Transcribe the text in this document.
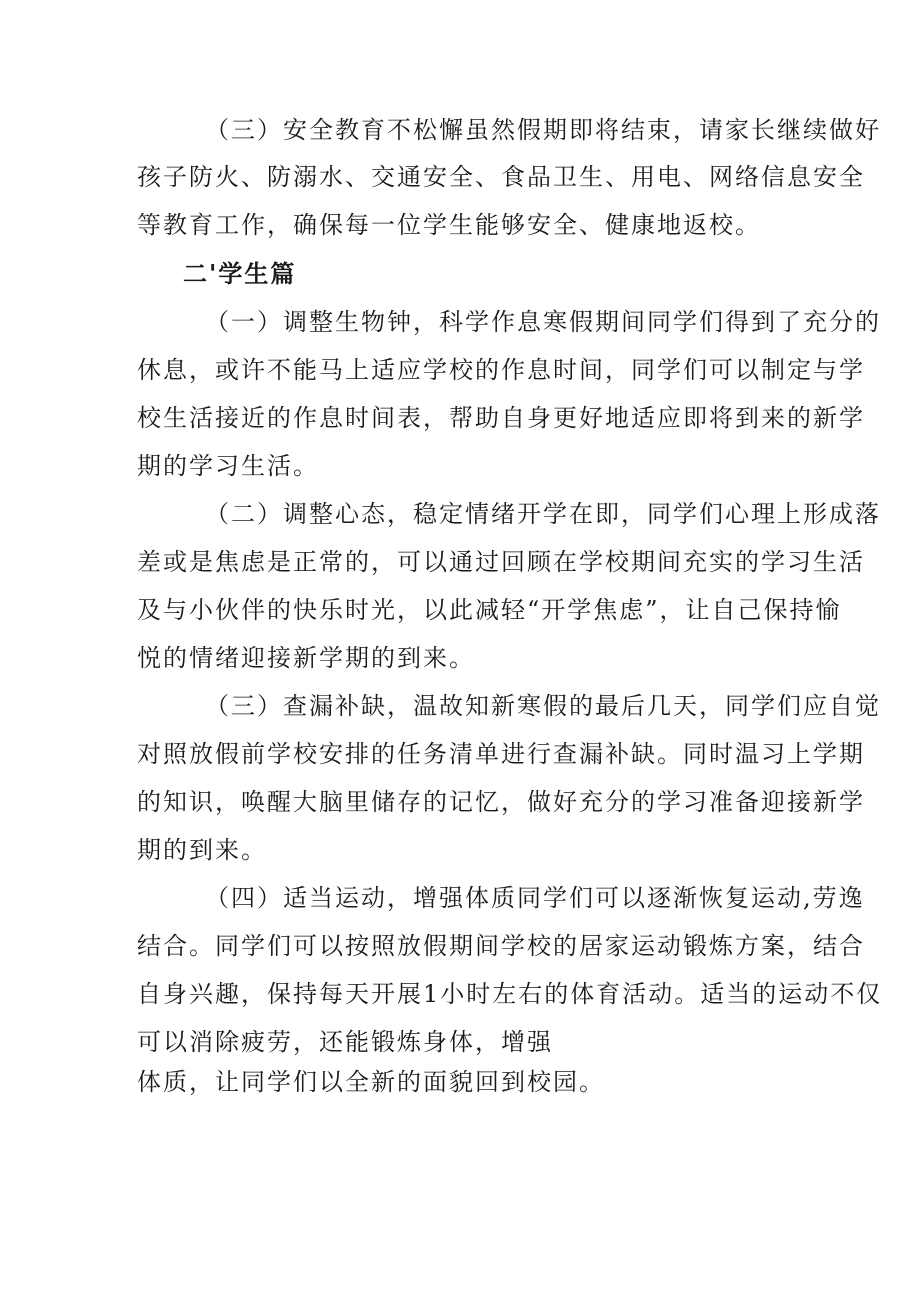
（三）安全教育不松懈虽然假期即将结束，请家长继续做好
孩子防火、防溺水、交通安全、食品卫生、用电、网络信息安全
等教育工作，确保每一位学生能够安全、健康地返校。
二'学生篇
（一）调整生物钟，科学作息寒假期间同学们得到了充分的
休息，或许不能马上适应学校的作息时间，同学们可以制定与学
校生活接近的作息时间表，帮助自身更好地适应即将到来的新学
期的学习生活。
（二）调整心态，稳定情绪开学在即，同学们心理上形成落
差或是焦虑是正常的，可以通过回顾在学校期间充实的学习生活
及与小伙伴的快乐时光，以此减轻“开学焦虑”，让自己保持愉
悦的情绪迎接新学期的到来。
（三）查漏补缺，温故知新寒假的最后几天，同学们应自觉
对照放假前学校安排的任务清单进行查漏补缺。同时温习上学期
的知识，唤醒大脑里储存的记忆，做好充分的学习准备迎接新学
期的到来。
（四）适当运动，增强体质同学们可以逐渐恢复运动,劳逸
结合。同学们可以按照放假期间学校的居家运动锻炼方案，结合
自身兴趣，保持每天开展1小时左右的体育活动。适当的运动不仅
可以消除疲劳，还能锻炼身体，增强
体质，让同学们以全新的面貌回到校园。
